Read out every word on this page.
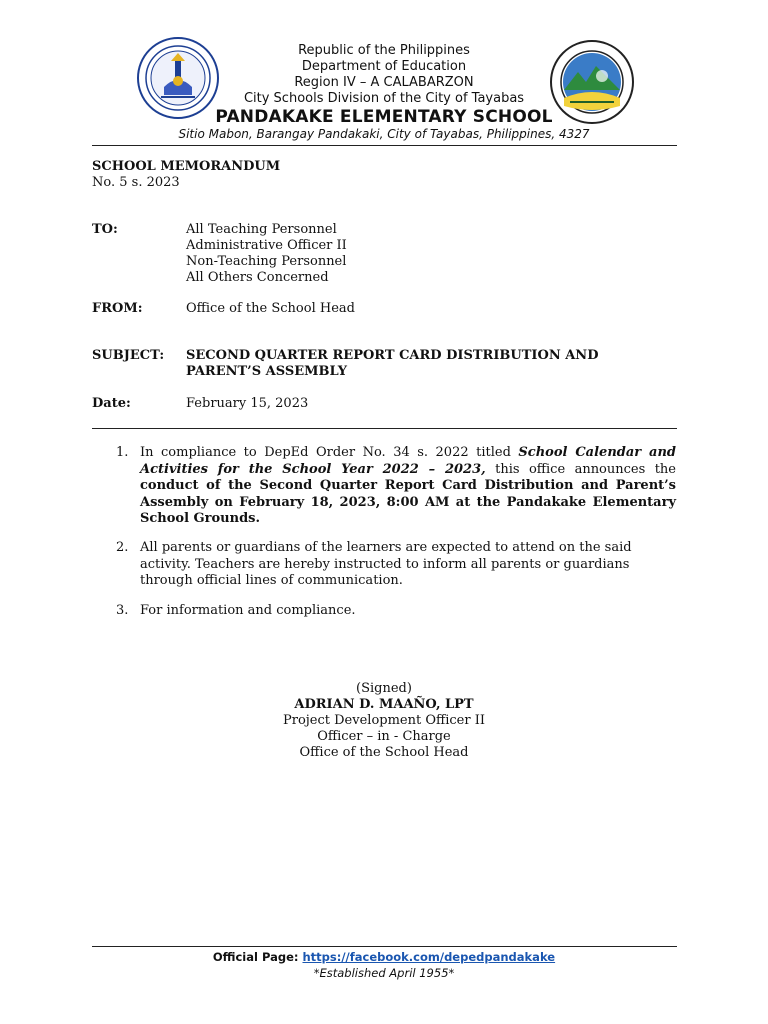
Republic of the Philippines
Department of Education
Region IV – A CALABARZON
City Schools Division of the City of Tayabas
PANDAKAKE ELEMENTARY SCHOOL
Sitio Mabon, Barangay Pandakaki, City of Tayabas, Philippines, 4327
SCHOOL MEMORANDUM
No. 5 s. 2023
TO:	All Teaching Personnel
Administrative Officer II
Non-Teaching Personnel
All Others Concerned
FROM:	Office of the School Head
SUBJECT: SECOND QUARTER REPORT CARD DISTRIBUTION AND
PARENT’S ASSEMBLY
Date:	February 15, 2023
1. In compliance to DepEd Order No. 34 s. 2022 titled School Calendar and Activities for the School Year 2022 – 2023, this office announces the conduct of the Second Quarter Report Card Distribution and Parent’s Assembly on February 18, 2023, 8:00 AM at the Pandakake Elementary School Grounds.
2. All parents or guardians of the learners are expected to attend on the said activity. Teachers are hereby instructed to inform all parents or guardians through official lines of communication.
3. For information and compliance.
(Signed)
ADRIAN D. MAAÑO, LPT
Project Development Officer II
Officer – in - Charge
Office of the School Head
Official Page: https://facebook.com/depedpandakake
*Established April 1955*
